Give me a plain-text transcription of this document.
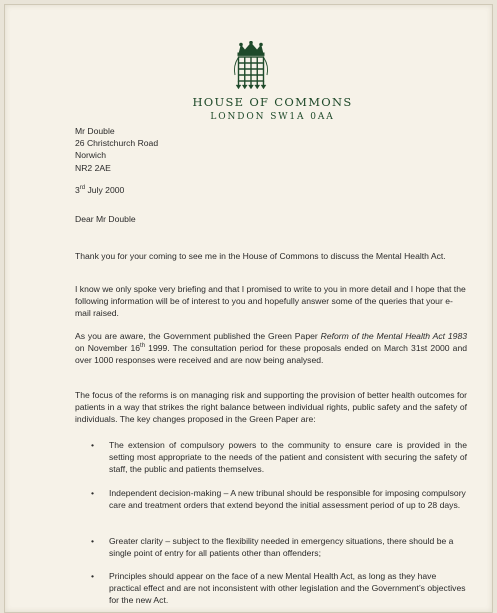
HOUSE OF COMMONS
LONDON SW1A 0AA

Mr Double

26 Christchurch Road

Norwich

NR2 2AE

3rd July 2000
Dear Mr Double

Thank you for your coming to see me in the House of Commons to discuss the Mental Health Act.

I know we only spoke very briefing and that I promised to write to you in more detail and I hope that the following information will be of interest to you and hopefully answer some of the queries that your e-mail raised.

As you are aware, the Government published the Green Paper Reform of the Mental Health Act 1983 on November 16th 1999. The consultation period for these proposals ended on March 31st 2000 and over 1000 responses were received and are now being analysed.

The focus of the reforms is on managing risk and supporting the provision of better health outcomes for patients in a way that strikes the right balance between individual rights, public safety and the safety of individuals. The key changes proposed in the Green Paper are:

• The extension of compulsory powers to the community to ensure care is provided in the setting most appropriate to the needs of the patient and consistent with securing the safety of staff, the public and patients themselves.
• Independent decision-making – A new tribunal should be responsible for imposing compulsory care and treatment orders that extend beyond the initial assessment period of up to 28 days.
• Greater clarity – subject to the flexibility needed in emergency situations, there should be a single point of entry for all patients other than offenders;
• Principles should appear on the face of a new Mental Health Act, as long as they have practical effect and are not inconsistent with other legislation and the Government’s objectives for the new Act.
